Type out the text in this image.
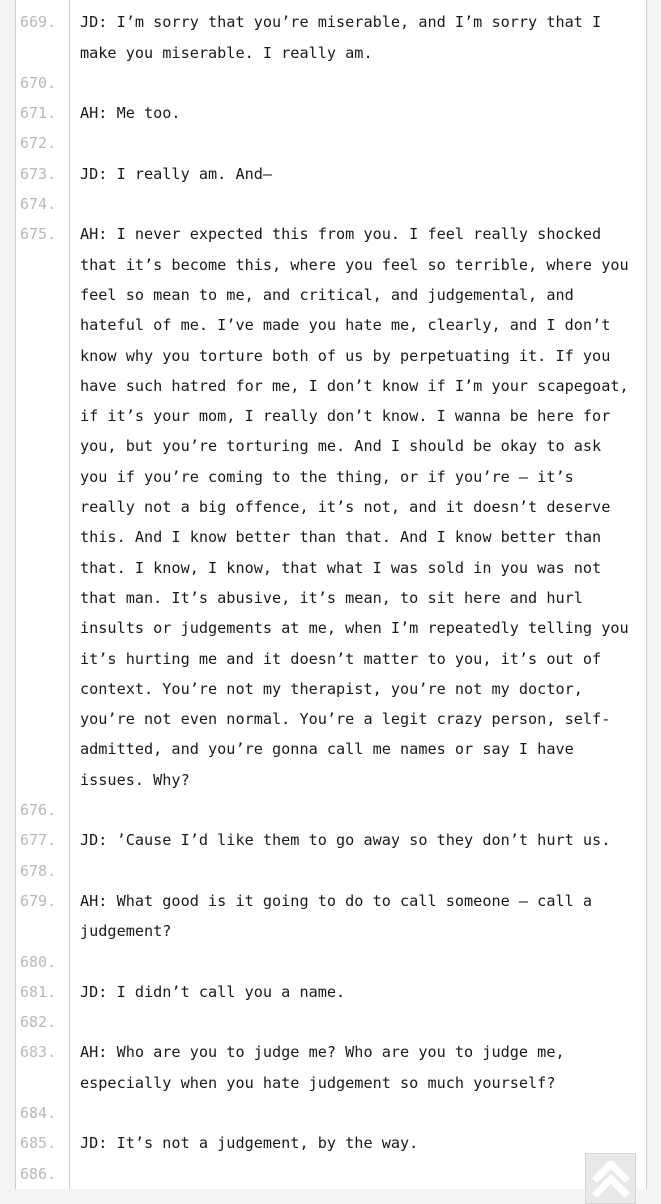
669.	JD: I’m sorry that you’re miserable, and I’m sorry that I
make you miserable. I really am.
670.
671.	AH: Me too.
672.
673.	JD: I really am. And—
674.
675.	AH: I never expected this from you. I feel really shocked
that it’s become this, where you feel so terrible, where you
feel so mean to me, and critical, and judgemental, and
hateful of me. I’ve made you hate me, clearly, and I don’t
know why you torture both of us by perpetuating it. If you
have such hatred for me, I don’t know if I’m your scapegoat,
if it’s your mom, I really don’t know. I wanna be here for
you, but you’re torturing me. And I should be okay to ask
you if you’re coming to the thing, or if you’re — it’s
really not a big offence, it’s not, and it doesn’t deserve
this. And I know better than that. And I know better than
that. I know, I know, that what I was sold in you was not
that man. It’s abusive, it’s mean, to sit here and hurl
insults or judgements at me, when I’m repeatedly telling you
it’s hurting me and it doesn’t matter to you, it’s out of
context. You’re not my therapist, you’re not my doctor,
you’re not even normal. You’re a legit crazy person, self-
admitted, and you’re gonna call me names or say I have
issues. Why?
676.
677.	JD: ’Cause I’d like them to go away so they don’t hurt us.
678.
679.	AH: What good is it going to do to call someone — call a
judgement?
680.
681.	JD: I didn’t call you a name.
682.
683.	AH: Who are you to judge me? Who are you to judge me,
especially when you hate judgement so much yourself?
684.
685.	JD: It’s not a judgement, by the way.
686.
